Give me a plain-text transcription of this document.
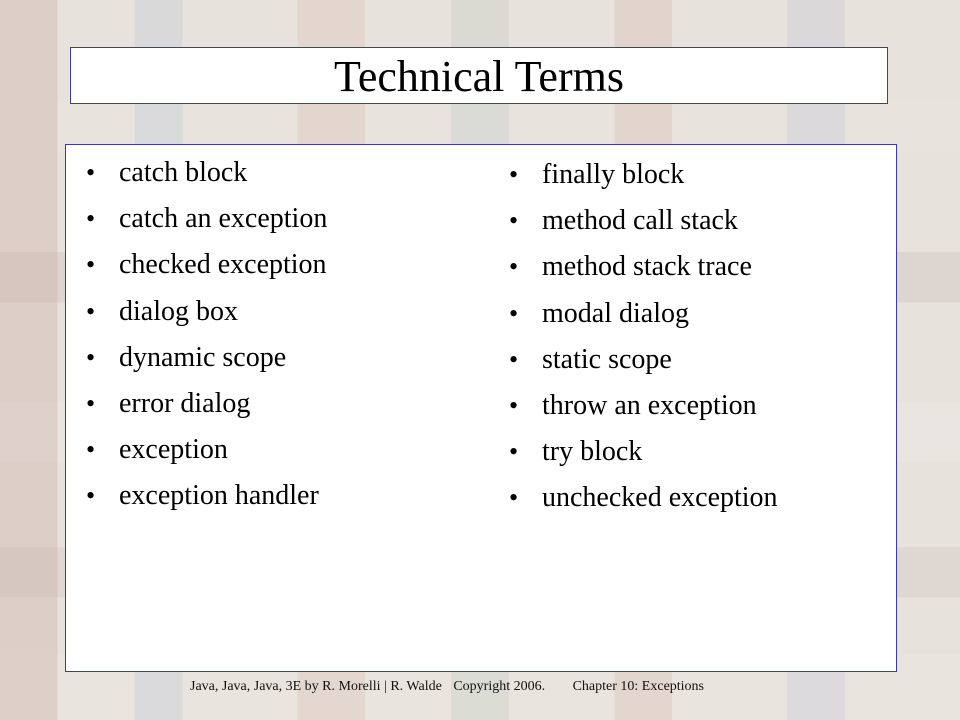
Technical Terms
• catch block
• catch an exception
• checked exception
• dialog box
• dynamic scope
• error dialog
• exception
• exception handler
• finally block
• method call stack
• method stack trace
• modal dialog
• static scope
• throw an exception
• try block
• unchecked exception
Java, Java, Java, 3E by R. Morelli | R. Walde Copyright 2006. Chapter 10: Exceptions
